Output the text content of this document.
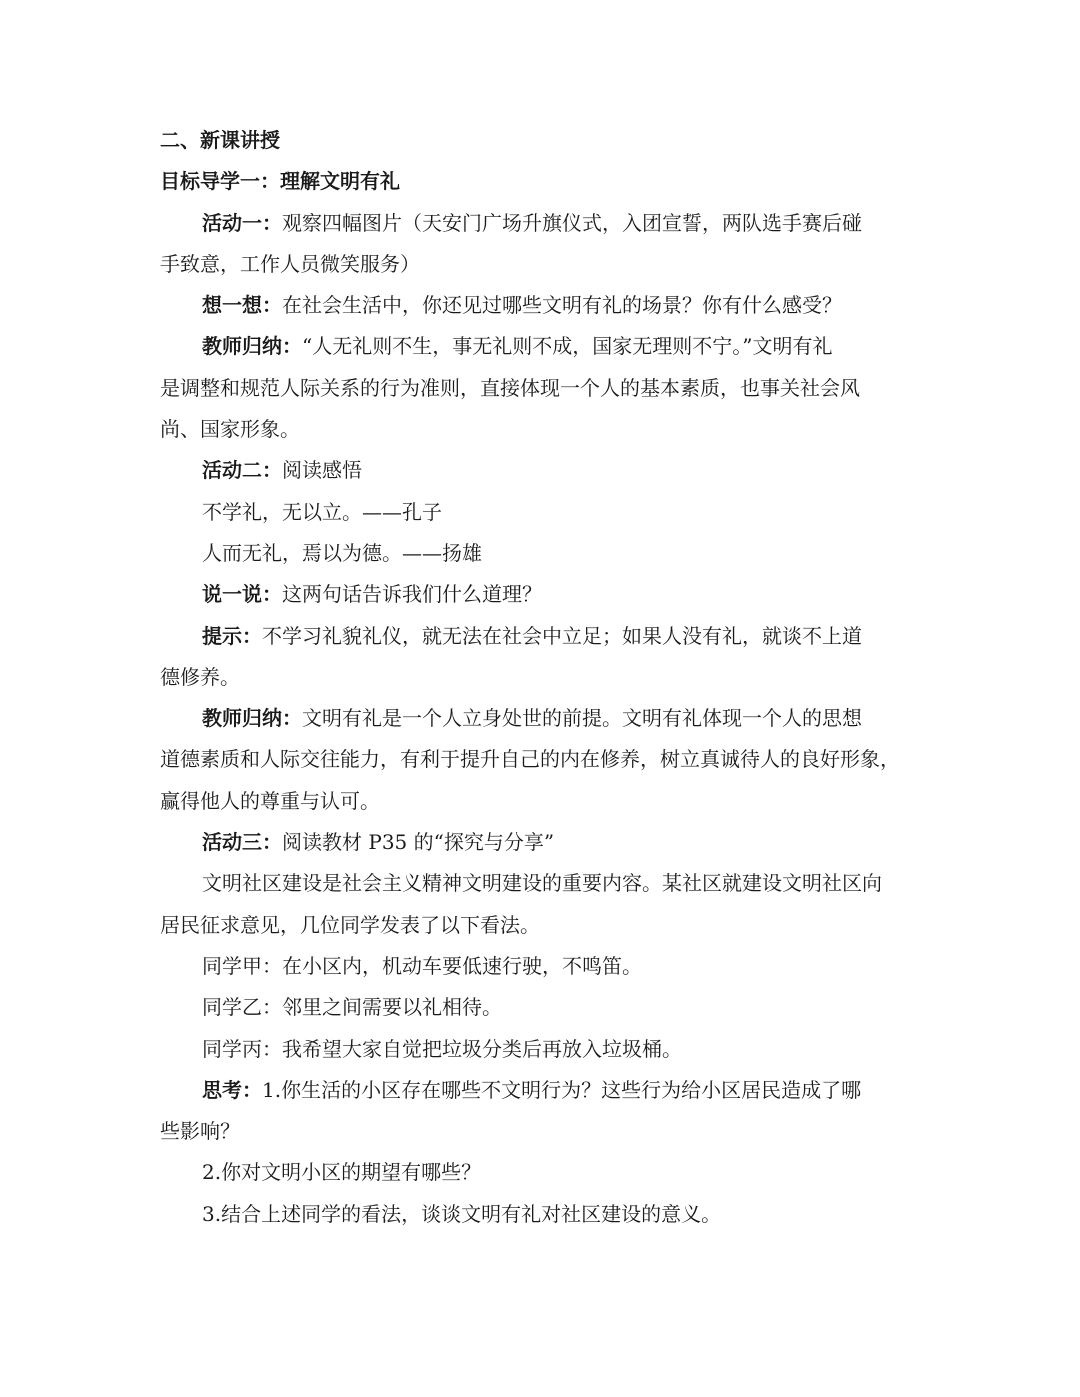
二、新课讲授

目标导学一：理解文明有礼

活动一：观察四幅图片（天安门广场升旗仪式，入团宣誓，两队选手赛后碰

手致意，工作人员微笑服务）

想一想：在社会生活中，你还见过哪些文明有礼的场景？你有什么感受？

教师归纳：“人无礼则不生，事无礼则不成，国家无理则不宁。”文明有礼

是调整和规范人际关系的行为准则，直接体现一个人的基本素质，也事关社会风

尚、国家形象。

活动二：阅读感悟

不学礼，无以立。——孔子

人而无礼，焉以为德。——扬雄

说一说：这两句话告诉我们什么道理？

提示：不学习礼貌礼仪，就无法在社会中立足；如果人没有礼，就谈不上道

德修养。

教师归纳：文明有礼是一个人立身处世的前提。文明有礼体现一个人的思想

道德素质和人际交往能力，有利于提升自己的内在修养，树立真诚待人的良好形象，

赢得他人的尊重与认可。

活动三：阅读教材 P35 的“探究与分享”

文明社区建设是社会主义精神文明建设的重要内容。某社区就建设文明社区向

居民征求意见，几位同学发表了以下看法。

同学甲：在小区内，机动车要低速行驶，不鸣笛。

同学乙：邻里之间需要以礼相待。

同学丙：我希望大家自觉把垃圾分类后再放入垃圾桶。

思考：1.你生活的小区存在哪些不文明行为？这些行为给小区居民造成了哪

些影响？

2.你对文明小区的期望有哪些？

3.结合上述同学的看法，谈谈文明有礼对社区建设的意义。
